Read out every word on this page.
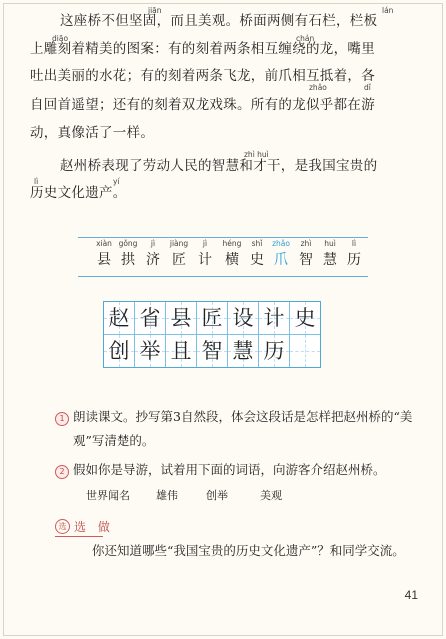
jiān	lán
diāo	chán
zhǎo	dǐ
zhì huì
lì	yí
这座桥不但坚固，而且美观。桥面两侧有石栏，栏板
上雕刻着精美的图案：有的刻着两条相互缠绕的龙，嘴里
吐出美丽的水花；有的刻着两条飞龙，前爪相互抵着，各
自回首遥望；还有的刻着双龙戏珠。所有的龙似乎都在游
动，真像活了一样。
赵州桥表现了劳动人民的智慧和才干，是我国宝贵的
历史文化遗产。
xiàn
县
gǒng
拱
jì
济
jiàng
匠
jì
计
héng
横
shǐ
史
zhǎo
爪
zhì
智
huì
慧
lì
历
赵 省 县 匠 设 计 史
创 举 且 智 慧 历
1 朗读课文。抄写第3自然段，体会这段话是怎样把赵州桥的“美
观”写清楚的。
2 假如你是导游，试着用下面的词语，向游客介绍赵州桥。
世界闻名 雄伟	创举	美观
选 选 做
你还知道哪些“我国宝贵的历史文化遗产”？和同学交流。
41
